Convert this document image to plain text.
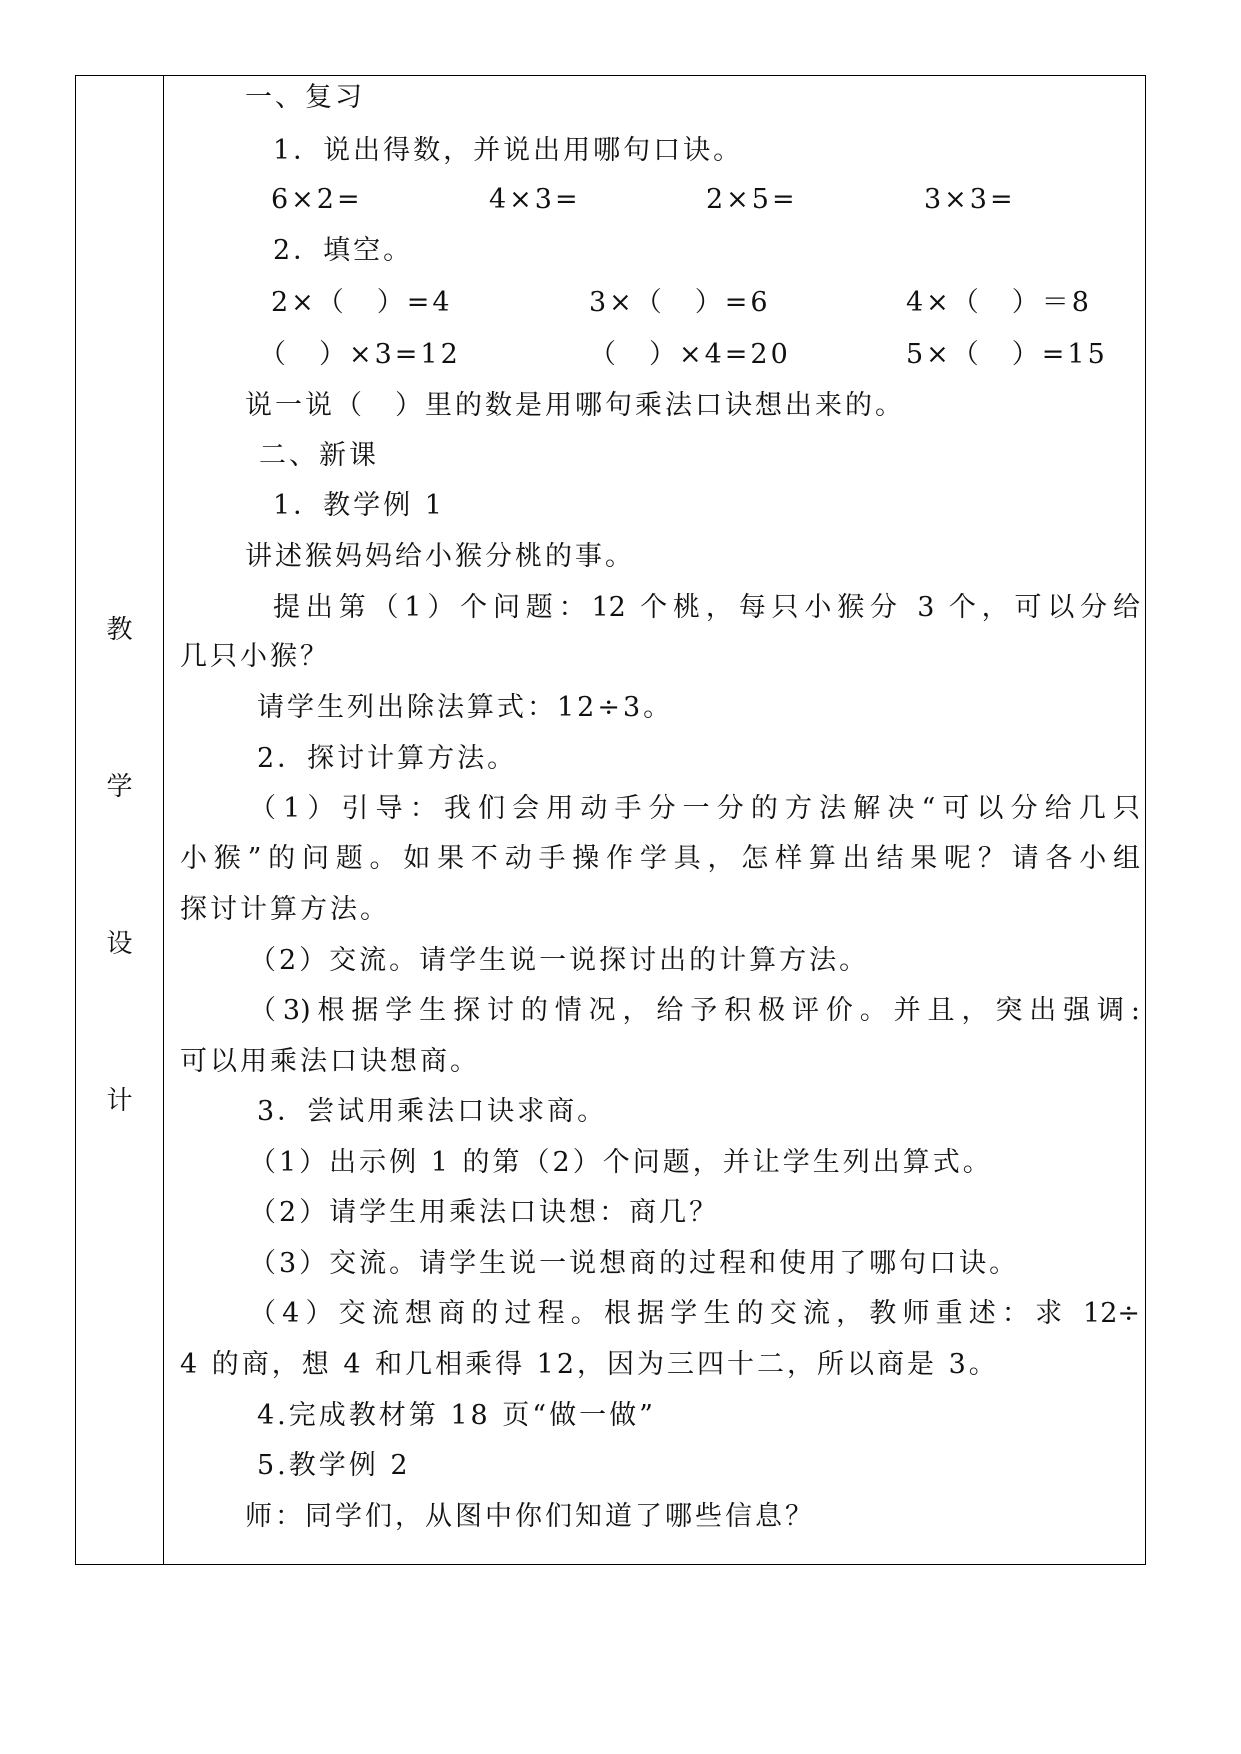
教
学
设
计
一、复习
1．说出得数，并说出用哪句口诀。
6×2=	4×3=	2×5=	3×3=
2．填空。
2×（　）=4	3×（　）=6	4×（　）＝8
（　）×3=12	（　）×4=20	5×（　）=15
说一说（　）里的数是用哪句乘法口诀想出来的。
二、新课
1．教学例 1
讲述猴妈妈给小猴分桃的事。
提出第（1）个问题：12 个桃，每只小猴分 3 个，可以分给
几只小猴？
请学生列出除法算式：12÷3。
2．探讨计算方法。
（1）引导：我们会用动手分一分的方法解决“可以分给几只
小猴”的问题。如果不动手操作学具，怎样算出结果呢？请各小组
探讨计算方法。
（2）交流。请学生说一说探讨出的计算方法。
（3)根据学生探讨的情况，给予积极评价。并且，突出强调:
可以用乘法口诀想商。
3．尝试用乘法口诀求商。
（1）出示例 1 的第（2）个问题，并让学生列出算式。
（2）请学生用乘法口诀想：商几？
（3）交流。请学生说一说想商的过程和使用了哪句口诀。
（4）交流想商的过程。根据学生的交流，教师重述：求 12÷
4 的商，想 4 和几相乘得 12，因为三四十二，所以商是 3。
4.完成教材第 18 页“做一做”
5.教学例 2
师：同学们，从图中你们知道了哪些信息？
